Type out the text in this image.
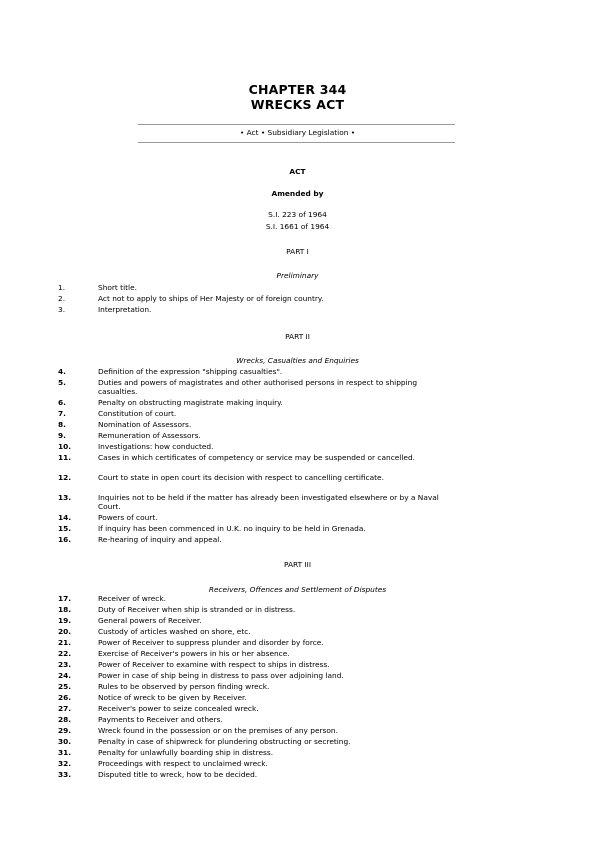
CHAPTER 344
WRECKS ACT
• Act • Subsidiary Legislation •
ACT
Amended by
S.I. 223 of 1964
S.I. 1661 of 1964
PART I
Preliminary
1.	Short title.
2.	Act not to apply to ships of Her Majesty or of foreign country.
3.	Interpretation.
PART II
Wrecks, Casualties and Enquiries
4.	Definition of the expression "shipping casualties".
5.	Duties and powers of magistrates and other authorised persons in respect to shipping casualties.
6.	Penalty on obstructing magistrate making inquiry.
7.	Constitution of court.
8.	Nomination of Assessors.
9.	Remuneration of Assessors.
10.	Investigations: how conducted.
11.	Cases in which certificates of competency or service may be suspended or cancelled.
12.	Court to state in open court its decision with respect to cancelling certificate.
13.	Inquiries not to be held if the matter has already been investigated elsewhere or by a Naval Court.
14.	Powers of court.
15.	If inquiry has been commenced in U.K. no inquiry to be held in Grenada.
16.	Re-hearing of inquiry and appeal.
PART III
Receivers, Offences and Settlement of Disputes
17.	Receiver of wreck.
18.	Duty of Receiver when ship is stranded or in distress.
19.	General powers of Receiver.
20.	Custody of articles washed on shore, etc.
21.	Power of Receiver to suppress plunder and disorder by force.
22.	Exercise of Receiver's powers in his or her absence.
23.	Power of Receiver to examine with respect to ships in distress.
24.	Power in case of ship being in distress to pass over adjoining land.
25.	Rules to be observed by person finding wreck.
26.	Notice of wreck to be given by Receiver.
27.	Receiver's power to seize concealed wreck.
28.	Payments to Receiver and others.
29.	Wreck found in the possession or on the premises of any person.
30.	Penalty in case of shipwreck for plundering obstructing or secreting.
31.	Penalty for unlawfully boarding ship in distress.
32.	Proceedings with respect to unclaimed wreck.
33.	Disputed title to wreck, how to be decided.
